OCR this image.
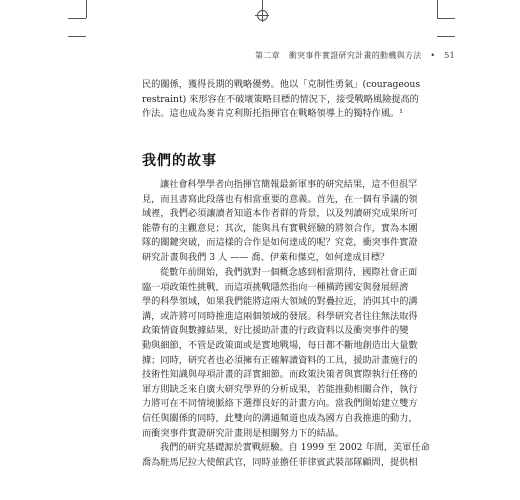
第二章 衝突事件實證研究計畫的動機與方法 • 51
民的關係，獲得長期的戰略優勢。他以「克制性勇氣」(courageous
restraint) 來形容在不破壞策略目標的情況下，接受戰略風險提高的
作法。這也成為麥肯克利斯托指揮官在戰略領導上的獨特作風。¹
我們的故事
讓社會科學學者向指揮官簡報最新軍事的研究結果，這不但很罕
見，而且書寫此段落也有相當重要的意義。首先，在一個有爭議的領
域裡，我們必須讓讀者知道本作者群的背景，以及判讀研究成果所可
能帶有的主觀意見；其次，能與具有實戰經驗的將領合作，實為本團
隊的關鍵突破，而這樣的合作是如何達成的呢？究竟，衝突事件實證
研究計畫與我們 3 人 —— 喬、伊萊和傑克，如何達成目標？
從數年前開始，我們就對一個概念感到相當期待，國際社會正面
臨一項政策性挑戰，而這項挑戰隱然指向一種橫跨國安與發展經濟
學的科學領域，如果我們能將這兩大領域的對疊拉近，消弭其中的溝
溝，或許將可同時推進這兩個領域的發展。科學研究者往往無法取得
政策情資與數據結果，好比援助計畫的行政資料以及衝突事件的變
動與細節，不管是政策面或是實地戰場，每日都不斷地創造出大量數
據；同時，研究者也必須擁有正確解讀資料的工具，援助計畫施行的
技術性知識與母項計畫的詳實細節。而政策決策者與實際執行任務的
軍方則缺乏來自廣大研究學界的分析成果，若能推動相關合作，執行
力將可在不同情境脈絡下選擇良好的計畫方向。當我們開始建立雙方
信任與關係的同時，此雙向的溝通頻道也成為國方自我推進的動力，
而衝突事件實證研究計畫則是相關努力下的結晶。
我們的研究基礎源於實戰經驗。自 1999 至 2002 年間，美軍任命
喬為駐馬尼拉大使館武官，同時並擔任菲律賓武裝部隊顧問，提供相
